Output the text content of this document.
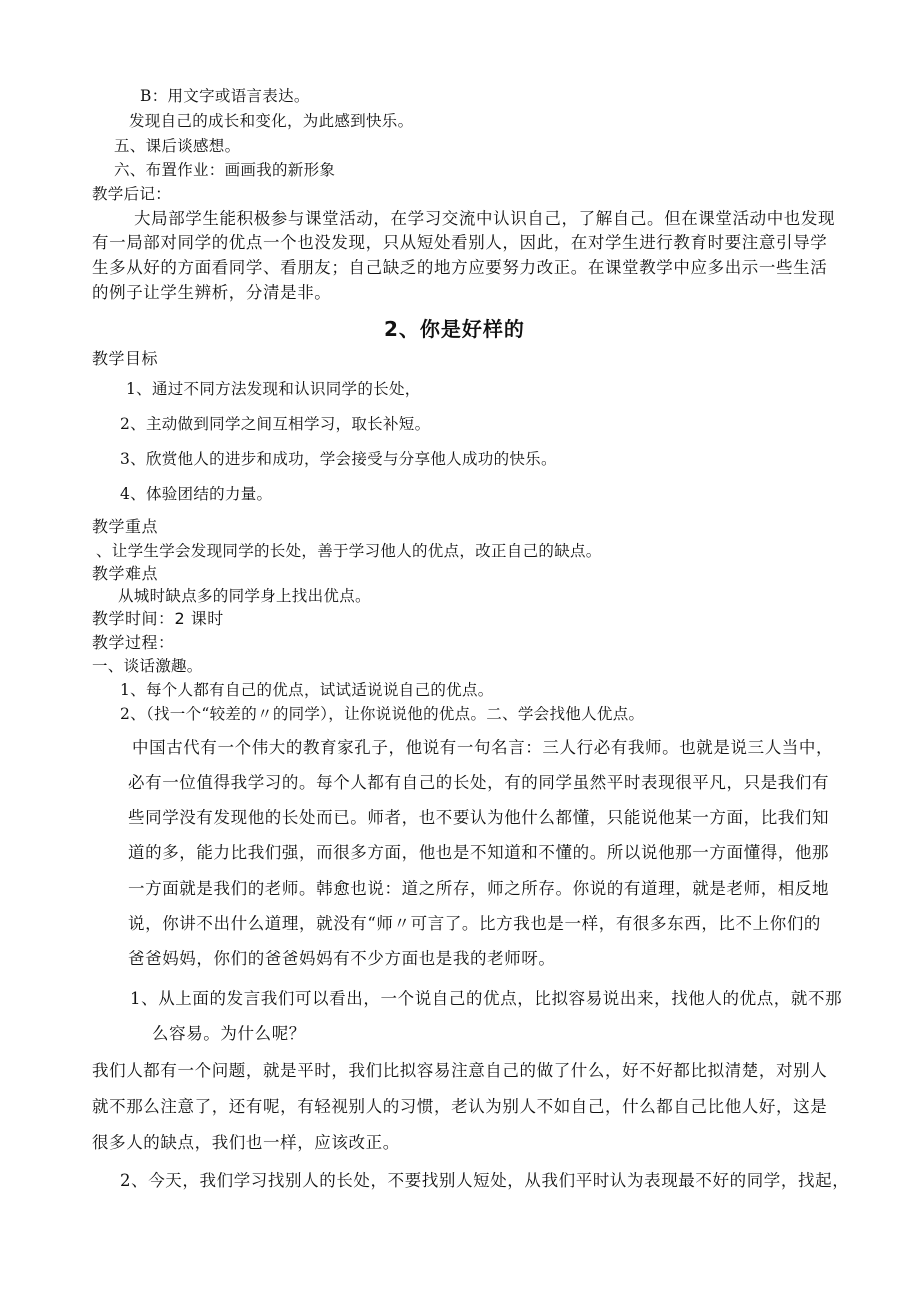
B：用文字或语言表达。
发现自己的成长和变化，为此感到快乐。
五、课后谈感想。
六、布置作业：画画我的新形象
教学后记：
大局部学生能积极参与课堂活动，在学习交流中认识自己，了解自己。但在课堂活动中也发现
有一局部对同学的优点一个也没发现，只从短处看别人，因此，在对学生进行教育时要注意引导学
生多从好的方面看同学、看朋友；自己缺乏的地方应要努力改正。在课堂教学中应多出示一些生活
的例子让学生辨析，分清是非。
2、你是好样的
教学目标
1、通过不同方法发现和认识同学的长处，
2、主动做到同学之间互相学习，取长补短。
3、欣赏他人的进步和成功，学会接受与分享他人成功的快乐。
4、体验团结的力量。
教学重点
、让学生学会发现同学的长处，善于学习他人的优点，改正自己的缺点。
教学难点
从城时缺点多的同学身上找出优点。
教学时间：2 课时
教学过程：
一、谈话激趣。
1、每个人都有自己的优点，试试适说说自己的优点。
2、（找一个“较差的〃的同学），让你说说他的优点。二、学会找他人优点。
中国古代有一个伟大的教育家孔子，他说有一句名言：三人行必有我师。也就是说三人当中，
必有一位值得我学习的。每个人都有自己的长处，有的同学虽然平时表现很平凡，只是我们有
些同学没有发现他的长处而已。师者，也不要认为他什么都懂，只能说他某一方面，比我们知
道的多，能力比我们强，而很多方面，他也是不知道和不懂的。所以说他那一方面懂得，他那
一方面就是我们的老师。韩愈也说：道之所存，师之所存。你说的有道理，就是老师，相反地
说，你讲不出什么道理，就没有“师〃可言了。比方我也是一样，有很多东西，比不上你们的
爸爸妈妈，你们的爸爸妈妈有不少方面也是我的老师呀。
1、从上面的发言我们可以看出，一个说自己的优点，比拟容易说出来，找他人的优点，就不那
么容易。为什么呢？
我们人都有一个问题，就是平时，我们比拟容易注意自己的做了什么，好不好都比拟清楚，对别人
就不那么注意了，还有呢，有轻视别人的习惯，老认为别人不如自己，什么都自己比他人好，这是
很多人的缺点，我们也一样，应该改正。
2、今天，我们学习找别人的长处，不要找别人短处，从我们平时认为表现最不好的同学，找起，
